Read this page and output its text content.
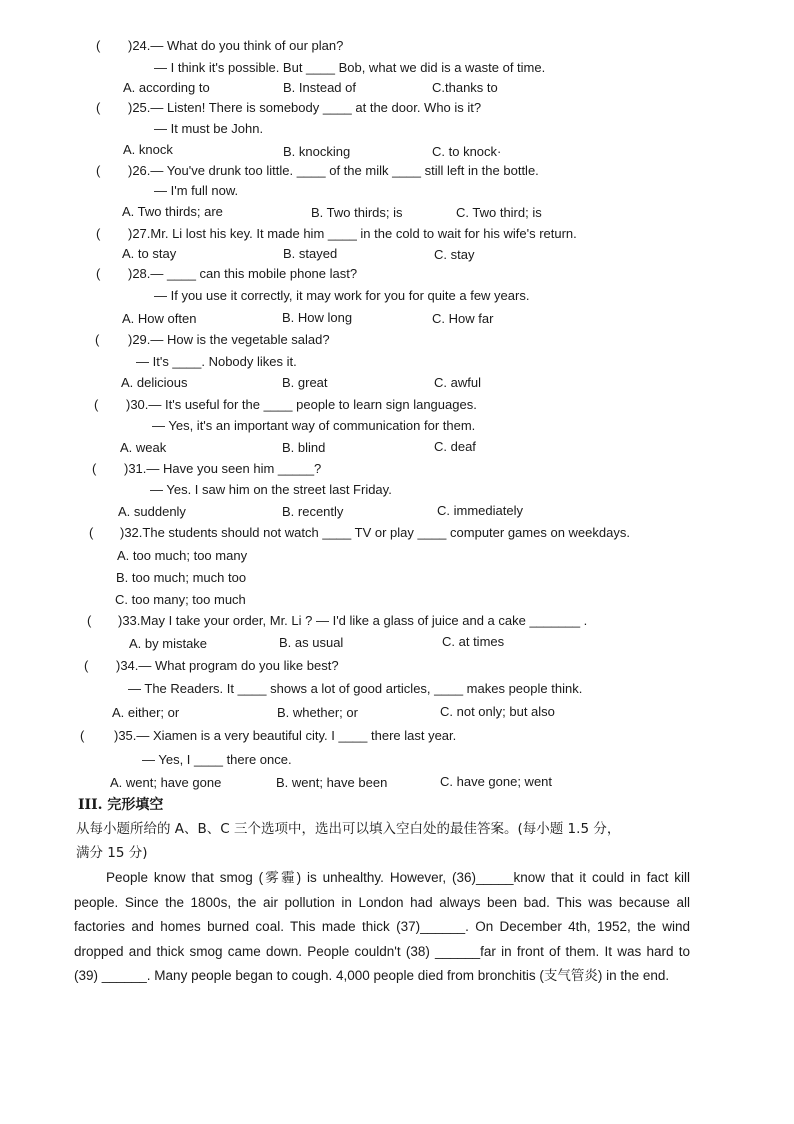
( )24.— What do you think of our plan?
— I think it's possible. But ____ Bob, what we did is a waste of time.
A. according to	B. Instead of	C.thanks to
( )25.— Listen! There is somebody ____ at the door. Who is it?
— It must be John.
A. knock	B. knocking	C. to knock·
( )26.— You've drunk too little. ____ of the milk ____ still left in the bottle.
— I'm full now.
A. Two thirds; are	B. Two thirds; is	C. Two third; is
( )27.Mr. Li lost his key. It made him ____ in the cold to wait for his wife's return.
A. to stay	B. stayed	C. stay
( )28.— ____ can this mobile phone last?
— If you use it correctly, it may work for you for quite a few years.
A. How often	B. How long	C. How far
( )29.— How is the vegetable salad?
— It's ____. Nobody likes it.
A. delicious	B. great	C. awful
( )30.— It's useful for the ____ people to learn sign languages.
— Yes, it's an important way of communication for them.
A. weak	B. blind	C. deaf
( )31.— Have you seen him _____?
— Yes. I saw him on the street last Friday.
A. suddenly	B. recently	C. immediately
( )32.The students should not watch ____ TV or play ____ computer games on weekdays.
A. too much; too many
B. too much; much too
C. too many; too much
( )33.May I take your order, Mr. Li ? — I'd like a glass of juice and a cake _______ .
A. by mistake	B. as usual	C. at times
( )34.— What program do you like best?
— The Readers. It ____ shows a lot of good articles, ____ makes people think.
A. either; or	B. whether; or	C. not only; but also
( )35.— Xiamen is a very beautiful city. I ____ there last year.
— Yes, I ____ there once.
A. went; have gone	B. went; have been	C. have gone; went
III. 完形填空
从每小题所给的 A、B、C 三个选项中，选出可以填入空白处的最佳答案。(每小题 1.5 分，
满分 15 分)

People know that smog (雾霾) is unhealthy. However, (36)_____know that it could in fact kill people. Since the 1800s, the air pollution in London had always been bad. This was because all factories and homes burned coal. This made thick (37)______. On December 4th, 1952, the wind dropped and thick smog came down. People couldn't (38) ______far in front of them. It was hard to (39) ______. Many people began to cough. 4,000 people died from bronchitis (支气管炎) in the end.
